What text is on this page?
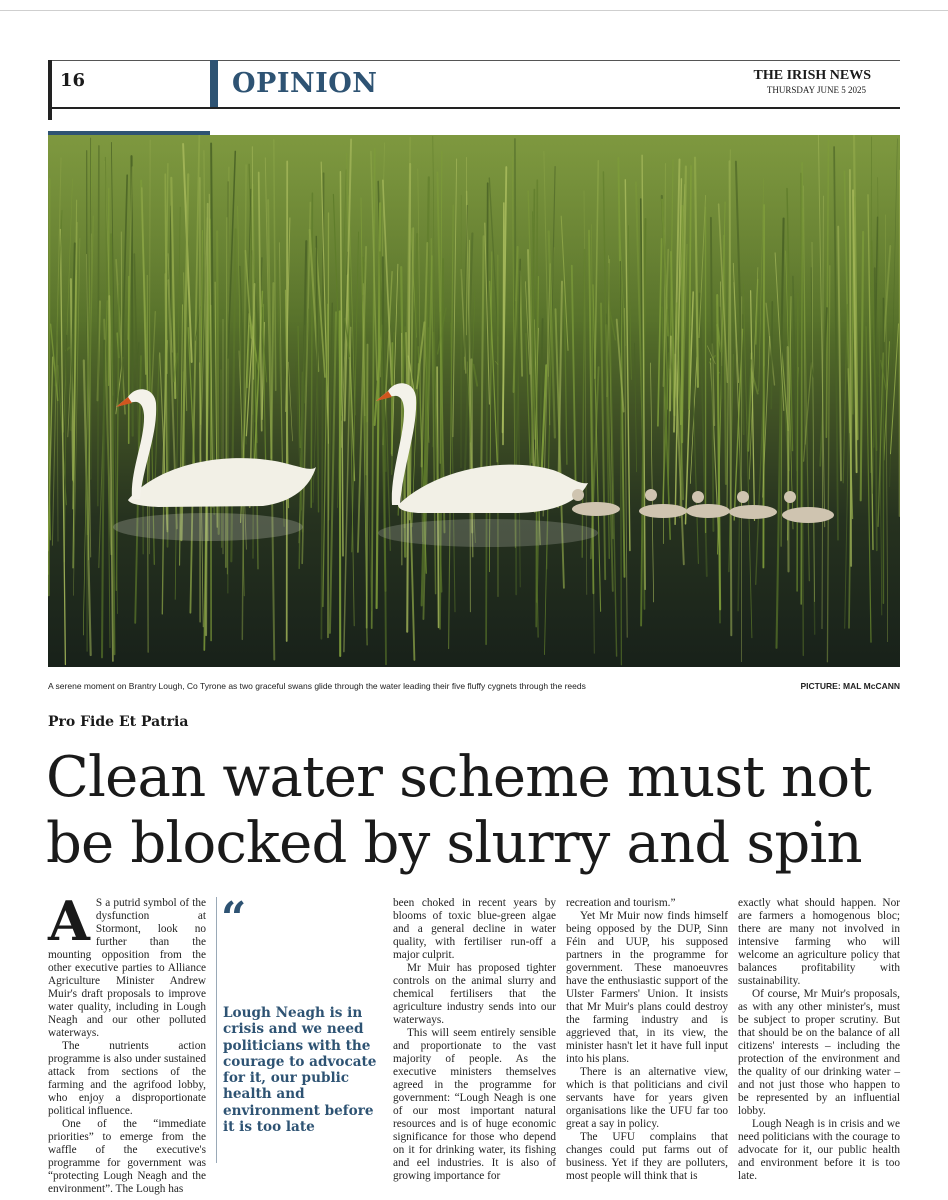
16	OPINION	THE IRISH NEWS
THURSDAY JUNE 5 2025
A serene moment on Brantry Lough, Co Tyrone as two graceful swans glide through the water leading their five fluffy cygnets through the reeds	PICTURE: MAL McCANN
Pro Fide Et Patria
Clean water scheme must not be blocked by slurry and spin
A S a putrid symbol of the dysfunction at Stormont, look no further than the mounting opposition from the other executive parties to Alliance Agriculture Minister Andrew Muir's draft proposals to improve water quality, including in Lough Neagh and our other polluted waterways.

The nutrients action programme is also under sustained attack from sections of the farming and the agrifood lobby, who enjoy a disproportionate political influence.

One of the “immediate priorities” to emerge from the waffle of the executive's programme for government was “protecting Lough Neagh and the environment”. The Lough has

“
Lough Neagh is in crisis and we need politicians with the courage to advocate for it, our public health and environment before it is too late

been choked in recent years by blooms of toxic blue-green algae and a general decline in water quality, with fertiliser run-off a major culprit.

Mr Muir has proposed tighter controls on the animal slurry and chemical fertilisers that the agriculture industry sends into our waterways.

This will seem entirely sensible and proportionate to the vast majority of people. As the executive ministers themselves agreed in the programme for government: “Lough Neagh is one of our most important natural resources and is of huge economic significance for those who depend on it for drinking water, its fishing and eel industries. It is also of growing importance for

recreation and tourism.”

Yet Mr Muir now finds himself being opposed by the DUP, Sinn Féin and UUP, his supposed partners in the programme for government. These manoeuvres have the enthusiastic support of the Ulster Farmers' Union. It insists that Mr Muir's plans could destroy the farming industry and is aggrieved that, in its view, the minister hasn't let it have full input into his plans.

There is an alternative view, which is that politicians and civil servants have for years given organisations like the UFU far too great a say in policy.

The UFU complains that changes could put farms out of business. Yet if they are polluters, most people will think that is

exactly what should happen. Nor are farmers a homogenous bloc; there are many not involved in intensive farming who will welcome an agriculture policy that balances profitability with sustainability.

Of course, Mr Muir's proposals, as with any other minister's, must be subject to proper scrutiny. But that should be on the balance of all citizens' interests – including the protection of the environment and the quality of our drinking water – and not just those who happen to be represented by an influential lobby.

Lough Neagh is in crisis and we need politicians with the courage to advocate for it, our public health and environment before it is too late.
